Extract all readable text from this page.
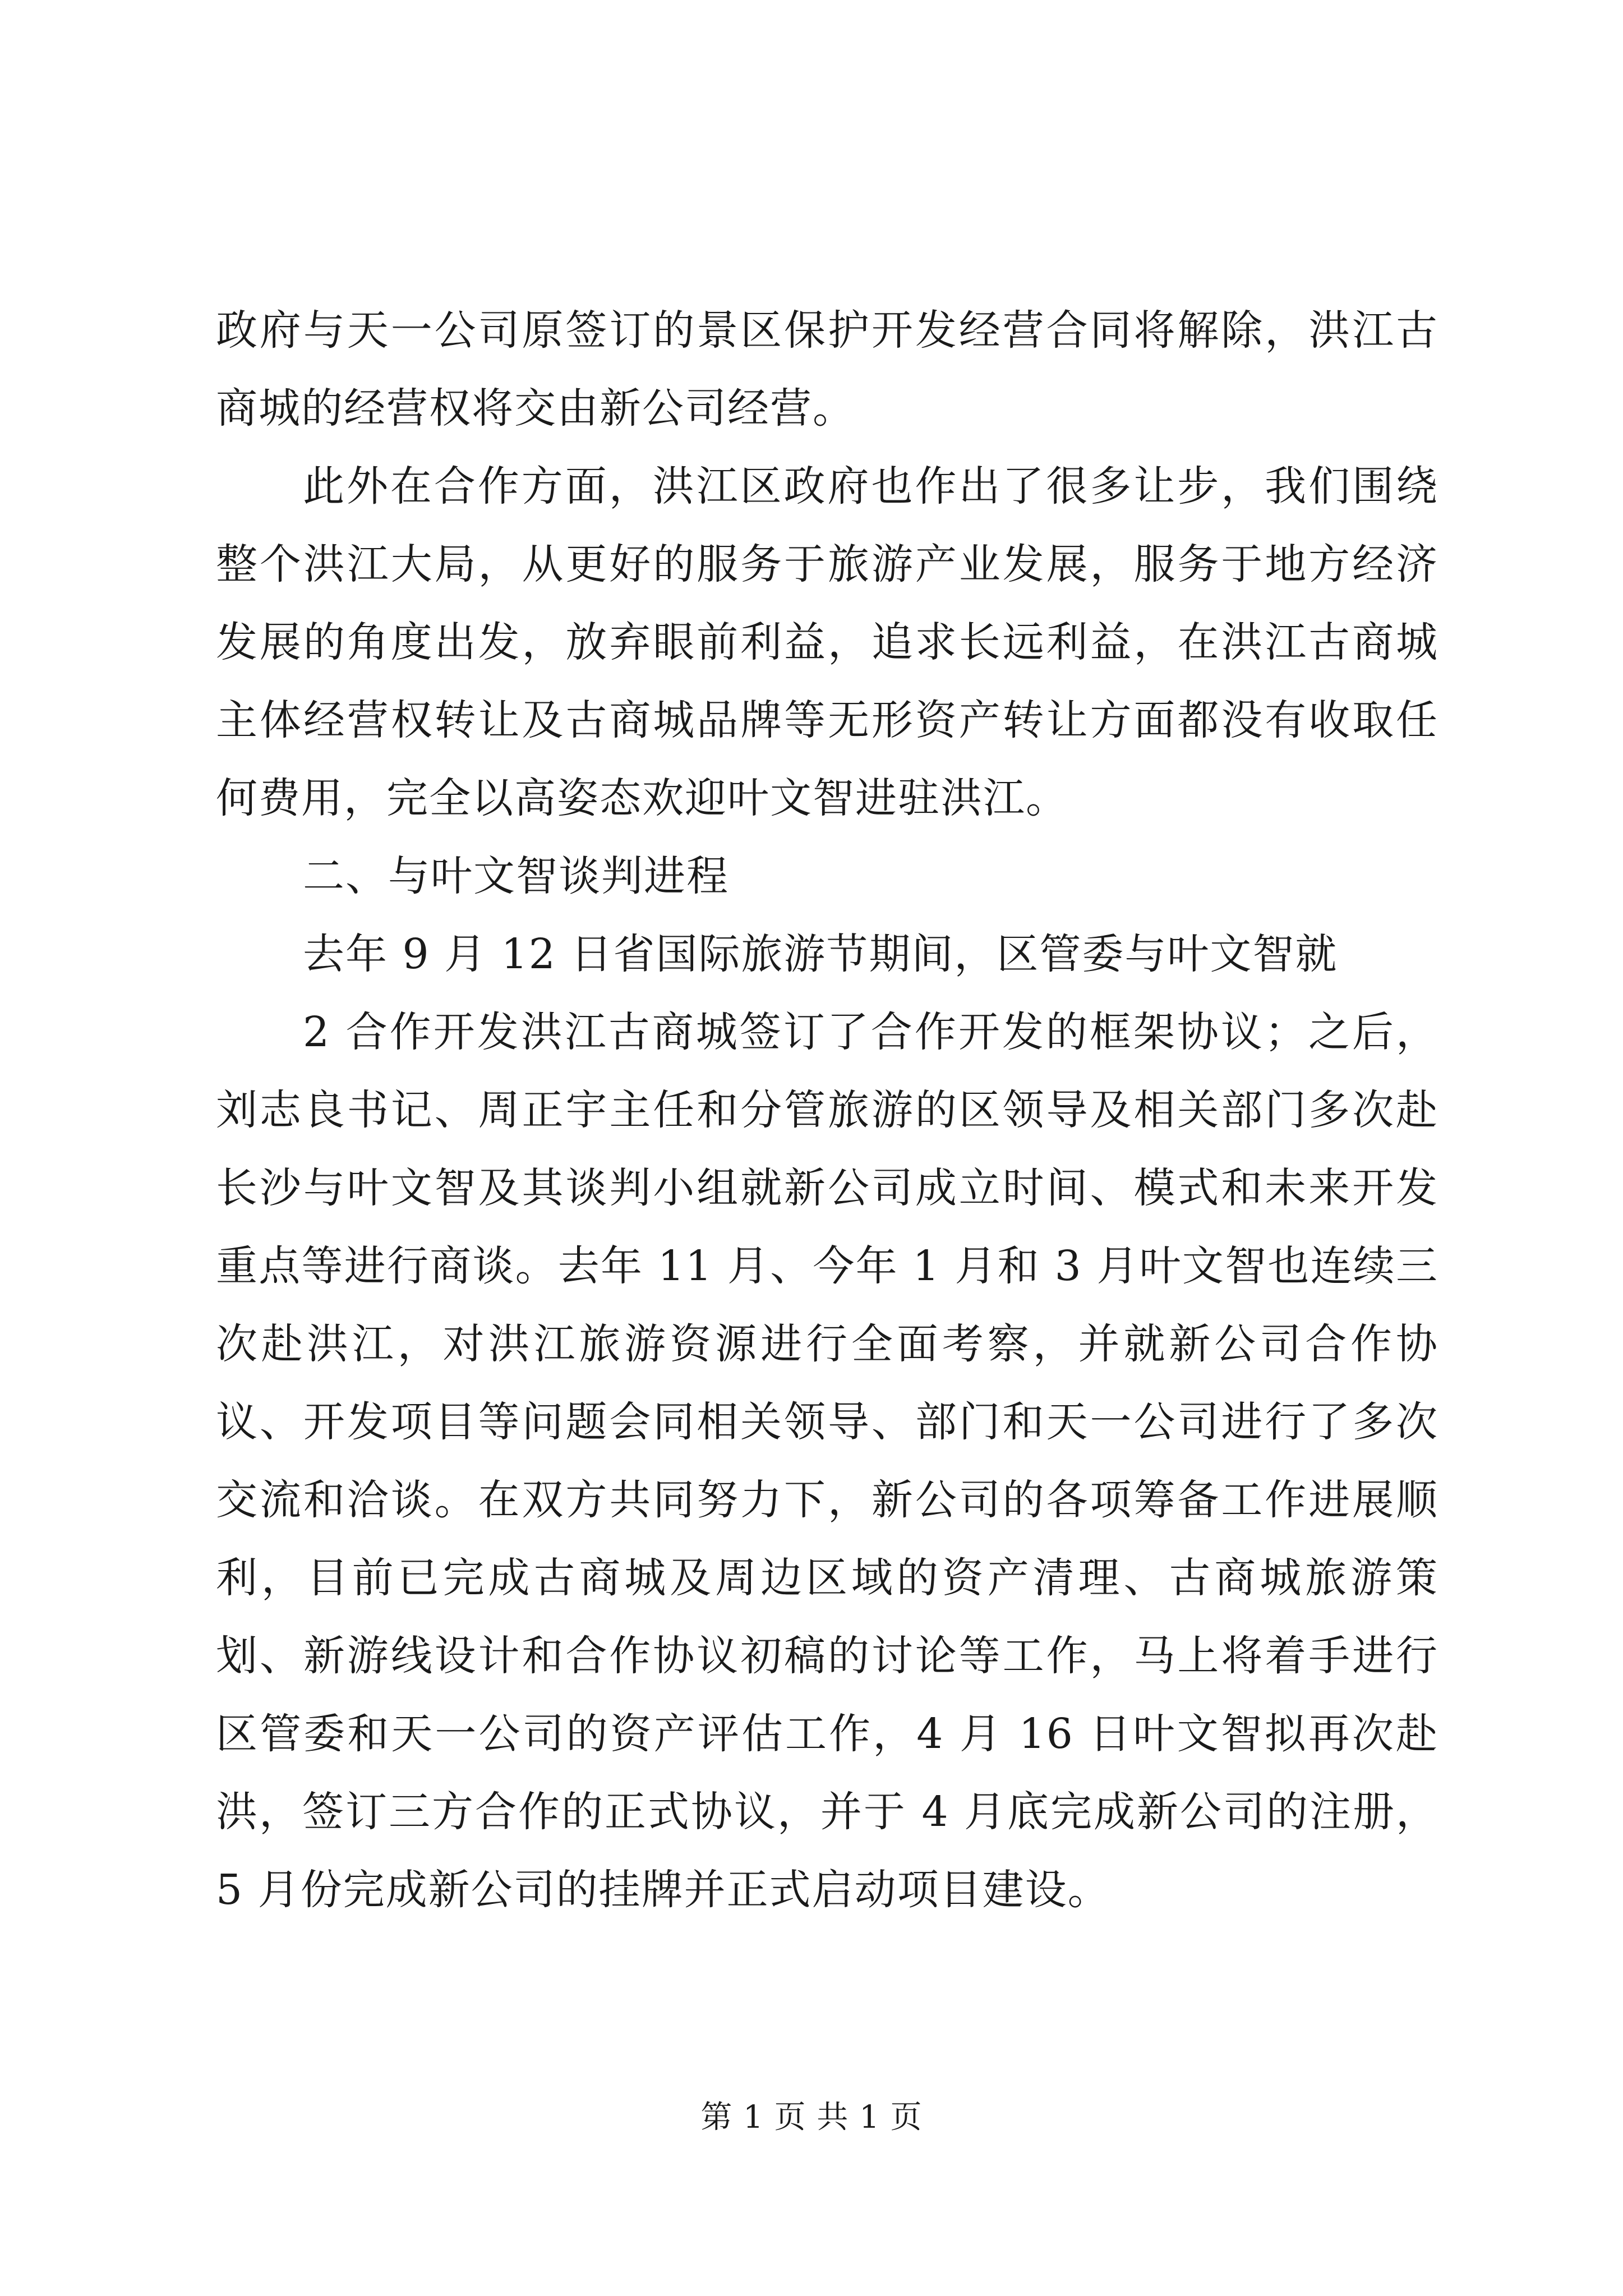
政府与天一公司原签订的景区保护开发经营合同将解除，洪江古商城的经营权将交由新公司经营。

此外在合作方面，洪江区政府也作出了很多让步，我们围绕整个洪江大局，从更好的服务于旅游产业发展，服务于地方经济发展的角度出发，放弃眼前利益，追求长远利益，在洪江古商城主体经营权转让及古商城品牌等无形资产转让方面都没有收取任何费用，完全以高姿态欢迎叶文智进驻洪江。

二、与叶文智谈判进程

去年 9 月 12 日省国际旅游节期间，区管委与叶文智就

2 合作开发洪江古商城签订了合作开发的框架协议；之后，刘志良书记、周正宇主任和分管旅游的区领导及相关部门多次赴长沙与叶文智及其谈判小组就新公司成立时间、模式和未来开发重点等进行商谈。去年 11 月、今年 1 月和 3 月叶文智也连续三次赴洪江，对洪江旅游资源进行全面考察，并就新公司合作协议、开发项目等问题会同相关领导、部门和天一公司进行了多次交流和洽谈。在双方共同努力下，新公司的各项筹备工作进展顺利，目前已完成古商城及周边区域的资产清理、古商城旅游策划、新游线设计和合作协议初稿的讨论等工作，马上将着手进行区管委和天一公司的资产评估工作，4 月 16 日叶文智拟再次赴洪，签订三方合作的正式协议，并于 4 月底完成新公司的注册，5 月份完成新公司的挂牌并正式启动项目建设。

第 1 页 共 1 页
